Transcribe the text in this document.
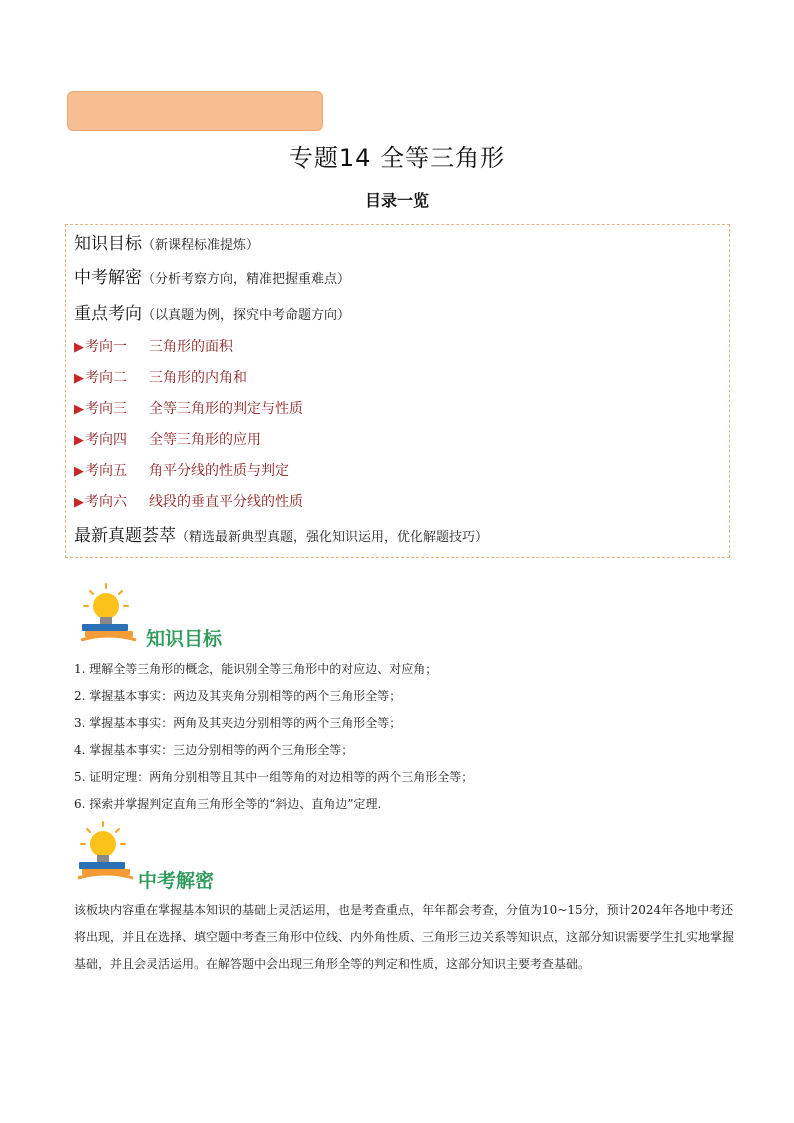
专题14 全等三角形
目录一览
知识目标（新课程标准提炼）
中考解密（分析考察方向，精准把握重难点）
重点考向（以真题为例，探究中考命题方向）
▶考向一 三角形的面积
▶考向二 三角形的内角和
▶考向三 全等三角形的判定与性质
▶考向四 全等三角形的应用
▶考向五 角平分线的性质与判定
▶考向六 线段的垂直平分线的性质
最新真题荟萃（精选最新典型真题，强化知识运用，优化解题技巧）
知识目标
1. 理解全等三角形的概念，能识别全等三角形中的对应边、对应角；
2. 掌握基本事实：两边及其夹角分别相等的两个三角形全等；
3. 掌握基本事实：两角及其夹边分别相等的两个三角形全等；
4. 掌握基本事实：三边分别相等的两个三角形全等；
5. 证明定理：两角分别相等且其中一组等角的对边相等的两个三角形全等；
6. 探索并掌握判定直角三角形全等的“斜边、直角边”定理.
中考解密
该板块内容重在掌握基本知识的基础上灵活运用，也是考查重点，年年都会考查，分值为10~15分，预计2024年各地中考还将出现，并且在选择、填空题中考查三角形中位线、内外角性质、三角形三边关系等知识点，这部分知识需要学生扎实地掌握基础，并且会灵活运用。在解答题中会出现三角形全等的判定和性质，这部分知识主要考查基础。
